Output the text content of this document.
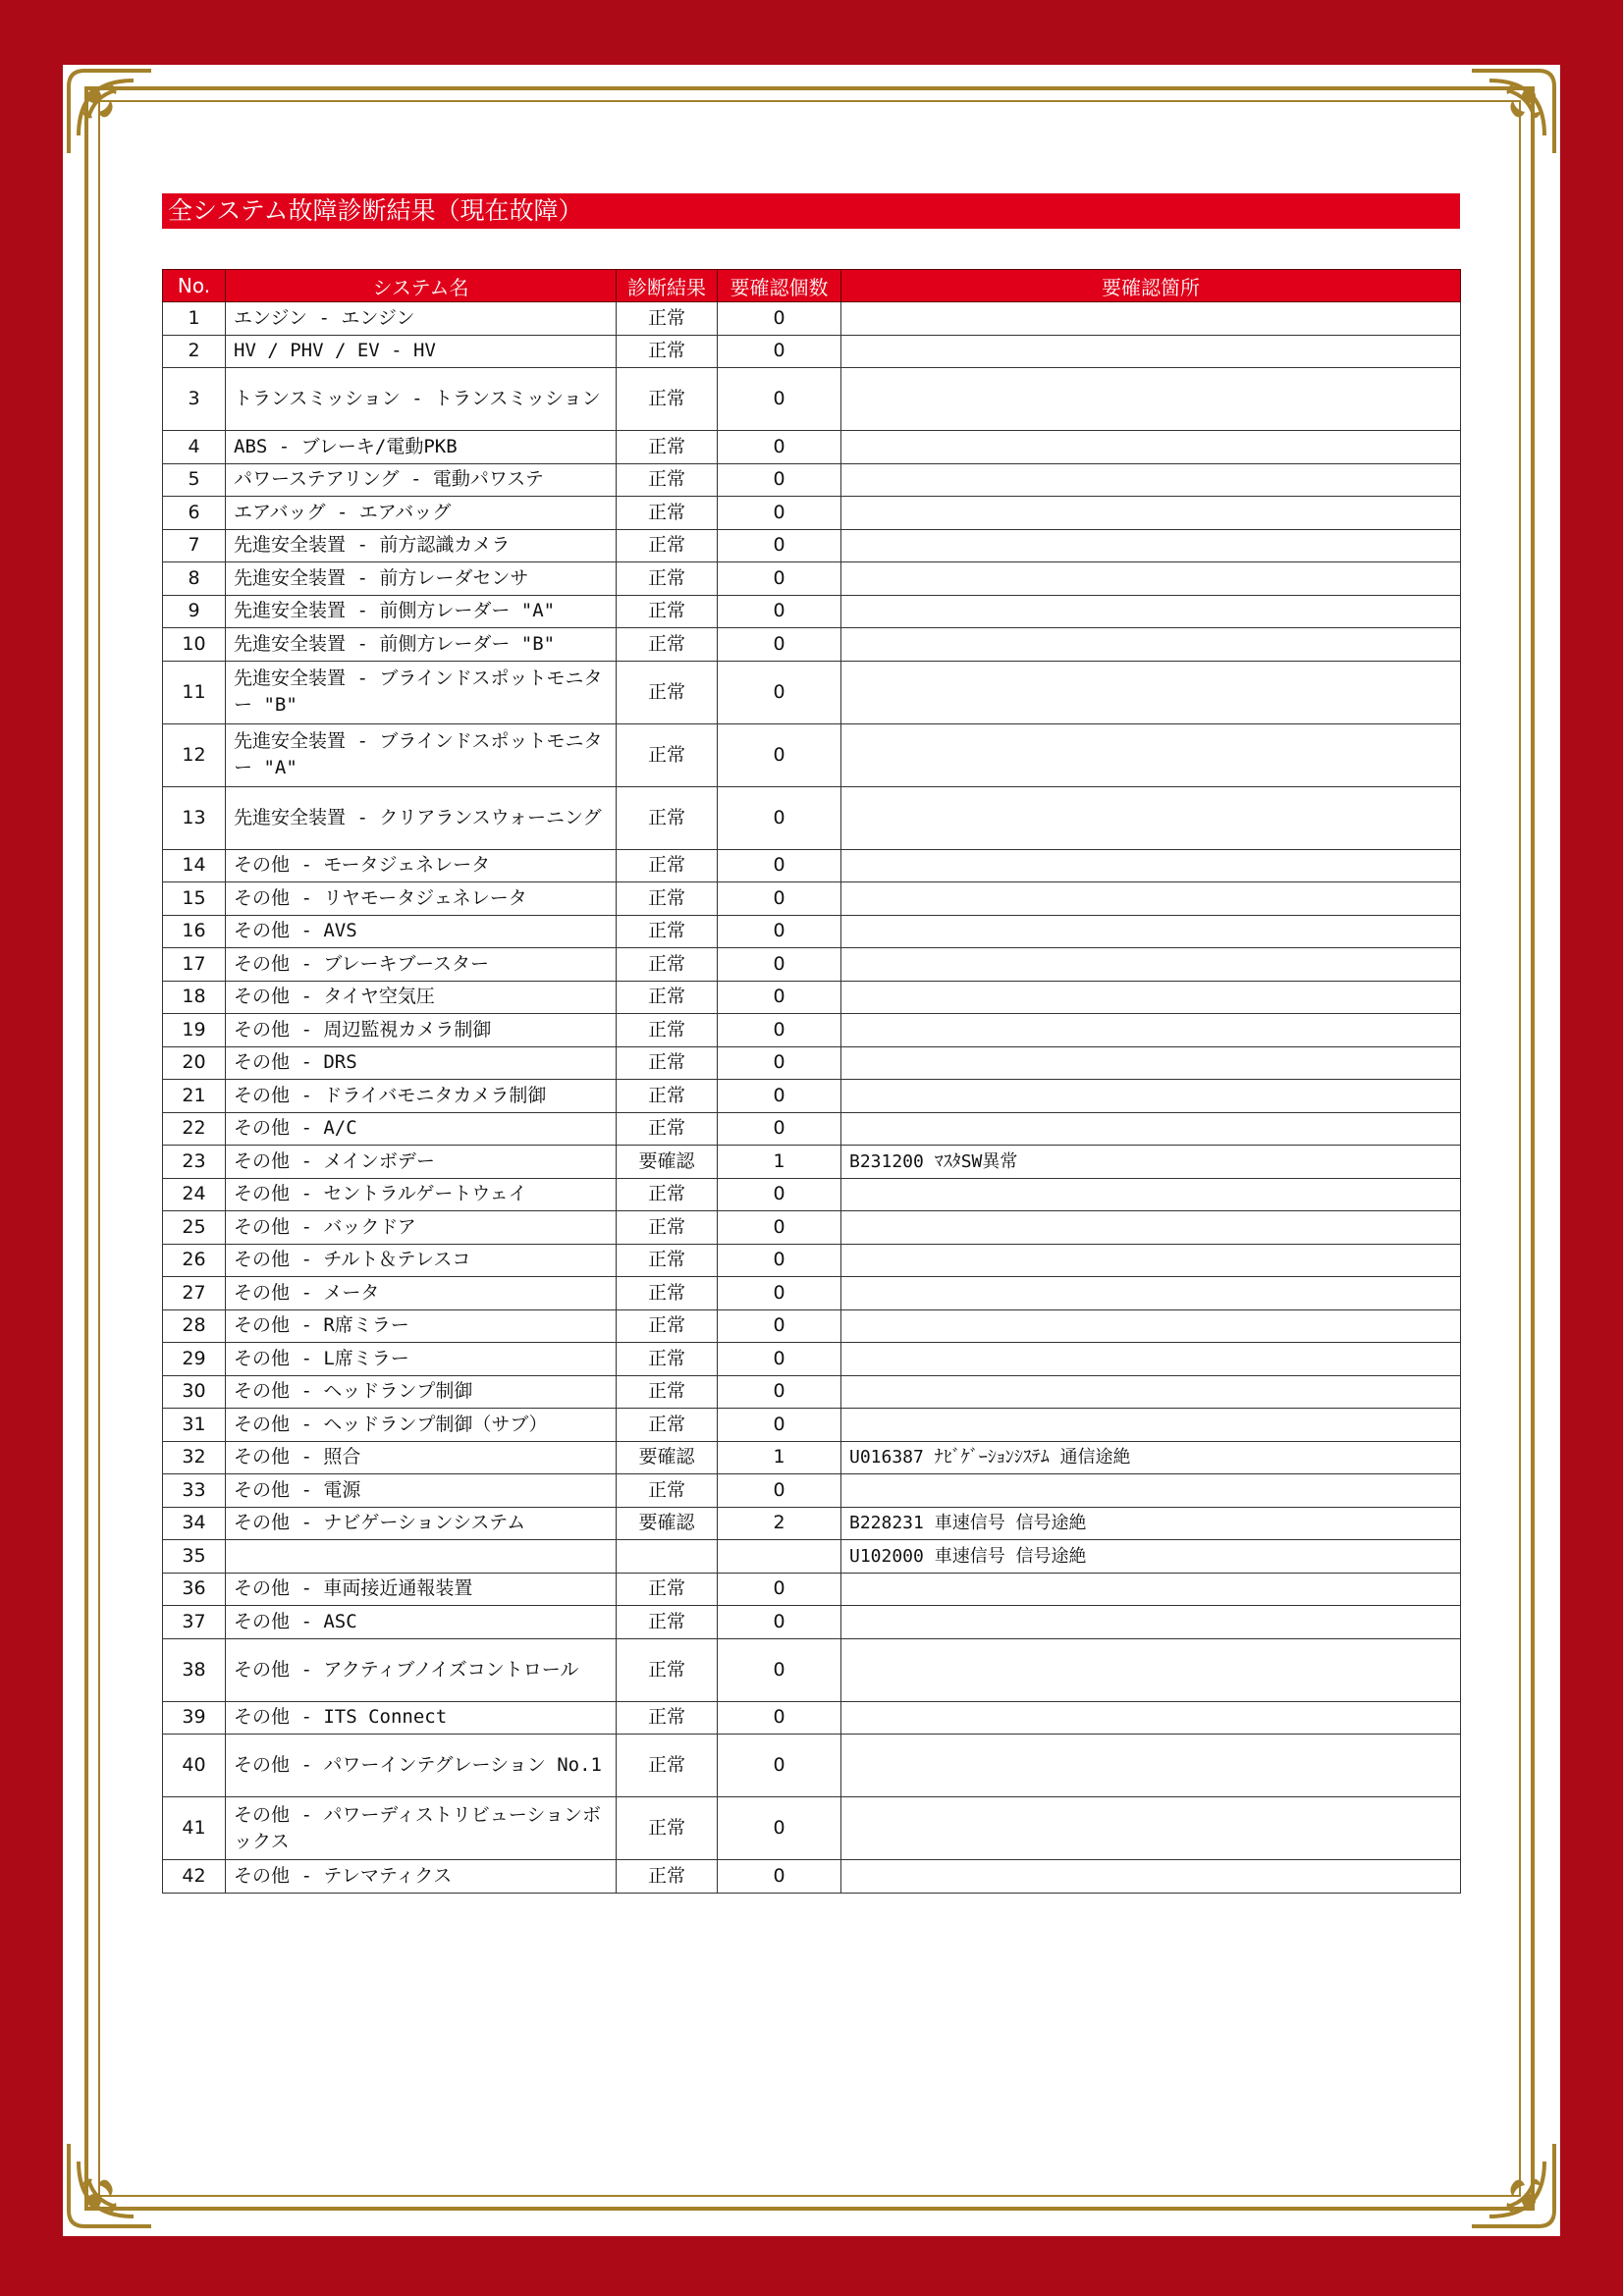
全システム故障診断結果（現在故障）
No.	システム名	診断結果	要確認個数	要確認箇所
1	エンジン - エンジン	正常	0	
2	HV / PHV / EV - HV	正常	0	
3	トランスミッション - トランスミッション	正常	0	
4	ABS - ブレーキ/電動PKB	正常	0	
5	パワーステアリング - 電動パワステ	正常	0	
6	エアバッグ - エアバッグ	正常	0	
7	先進安全装置 - 前方認識カメラ	正常	0	
8	先進安全装置 - 前方レーダセンサ	正常	0	
9	先進安全装置 - 前側方レーダー "A"	正常	0	
10	先進安全装置 - 前側方レーダー "B"	正常	0	
11	先進安全装置 - ブラインドスポットモニター "B"	正常	0	
12	先進安全装置 - ブラインドスポットモニター "A"	正常	0	
13	先進安全装置 - クリアランスウォーニング	正常	0	
14	その他 - モータジェネレータ	正常	0	
15	その他 - リヤモータジェネレータ	正常	0	
16	その他 - AVS	正常	0	
17	その他 - ブレーキブースター	正常	0	
18	その他 - タイヤ空気圧	正常	0	
19	その他 - 周辺監視カメラ制御	正常	0	
20	その他 - DRS	正常	0	
21	その他 - ドライバモニタカメラ制御	正常	0	
22	その他 - A/C	正常	0	
23	その他 - メインボデー	要確認	1	B231200 ﾏｽﾀSW異常
24	その他 - セントラルゲートウェイ	正常	0	
25	その他 - バックドア	正常	0	
26	その他 - チルト＆テレスコ	正常	0	
27	その他 - メータ	正常	0	
28	その他 - R席ミラー	正常	0	
29	その他 - L席ミラー	正常	0	
30	その他 - ヘッドランプ制御	正常	0	
31	その他 - ヘッドランプ制御（サブ）	正常	0	
32	その他 - 照合	要確認	1	U016387 ﾅﾋﾞｹﾞｰｼｮﾝｼｽﾃﾑ 通信途絶
33	その他 - 電源	正常	0	
34	その他 - ナビゲーションシステム	要確認	2	B228231 車速信号 信号途絶
35				U102000 車速信号 信号途絶
36	その他 - 車両接近通報装置	正常	0	
37	その他 - ASC	正常	0	
38	その他 - アクティブノイズコントロール	正常	0	
39	その他 - ITS Connect	正常	0	
40	その他 - パワーインテグレーション No.1	正常	0	
41	その他 - パワーディストリビューションボックス	正常	0	
42	その他 - テレマティクス	正常	0	
